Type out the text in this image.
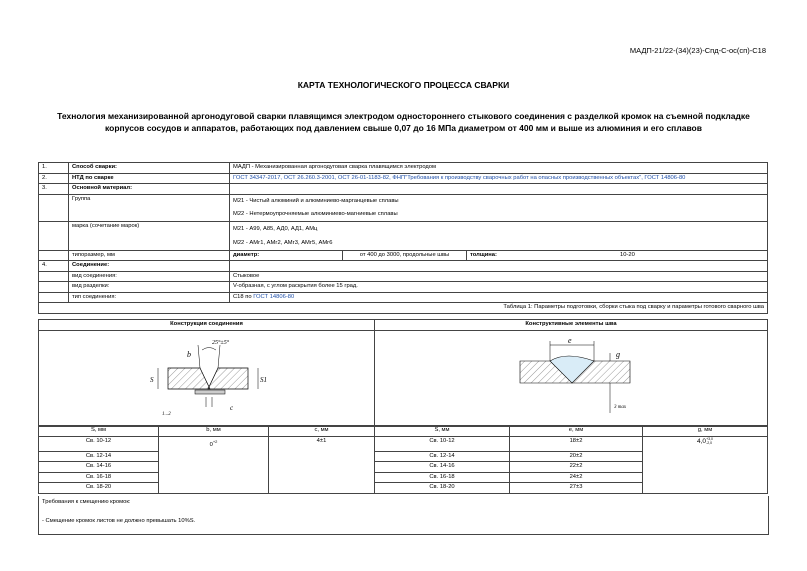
МАДП-21/22-(34)(23)-Спд-С-ос(сп)-С18
КАРТА ТЕХНОЛОГИЧЕСКОГО ПРОЦЕССА СВАРКИ
Технология механизированной аргонодуговой сварки плавящимся электродом одностороннего стыкового соединения с разделкой кромок на съемной подкладке
корпусов сосудов и аппаратов, работающих под давлением свыше 0,07 до 16 МПа диаметром от 400 мм и выше из алюминия и его сплавов
1.	Способ сварки:	МАДП - Механизированная аргонодуговая сварка плавящимся электродом		
2.	НТД по сварке	ГОСТ 34347-2017, ОСТ 26.260.3-2001, ОСТ 26-01-1183-82, ФНП"Требования к производству сварочных работ на опасных производственных объектах", ГОСТ 14806-80		
3.	Основной материал:			
	Группа	М21 - Чистый алюминий и алюминиево-марганцевые сплавы
М22 - Нетермоупрочняемые алюминиево-магниевые сплавы		

	марка (сочетание марок)	М21 - А99, А85, АД0, АД1, АМц
М22 - АМг1, АМг2, АМг3, АМг5, АМг6		

	типоразмер, мм	диаметр:	от 400 до 3000, продольные швы	толщина: 10-20
4.	Соединение:			
	вид соединения:	Стыковое		
	вид разделки:	V-образная, с углом раскрытия более 15 град.		
	тип соединения:	С18 по ГОСТ 14806-80		
Таблица 1: Параметры подготовки, сборки стыка под сварку и параметры готового сварного шва				
Конструкция соединения	Конструктивные элементы шва

b
25°±5°
S	S1
c
1...2
e
g
3 max
S, мм	b, мм	c, мм	S, мм	e, мм	g, мм
Св. 10-12	$0^{+2}$	4±1	Св. 10-12	18±2	4,0 +3,0
-2,0

Св. 12-14			Св. 12-14	20±2	
Св. 14-16			Св. 14-16	22±2	
Св. 16-18			Св. 16-18	24±2	
Св. 18-20			Св. 18-20	27±3	
Требования к смещению кромок:
- Смещение кромок листов не должно превышать 10%S.
